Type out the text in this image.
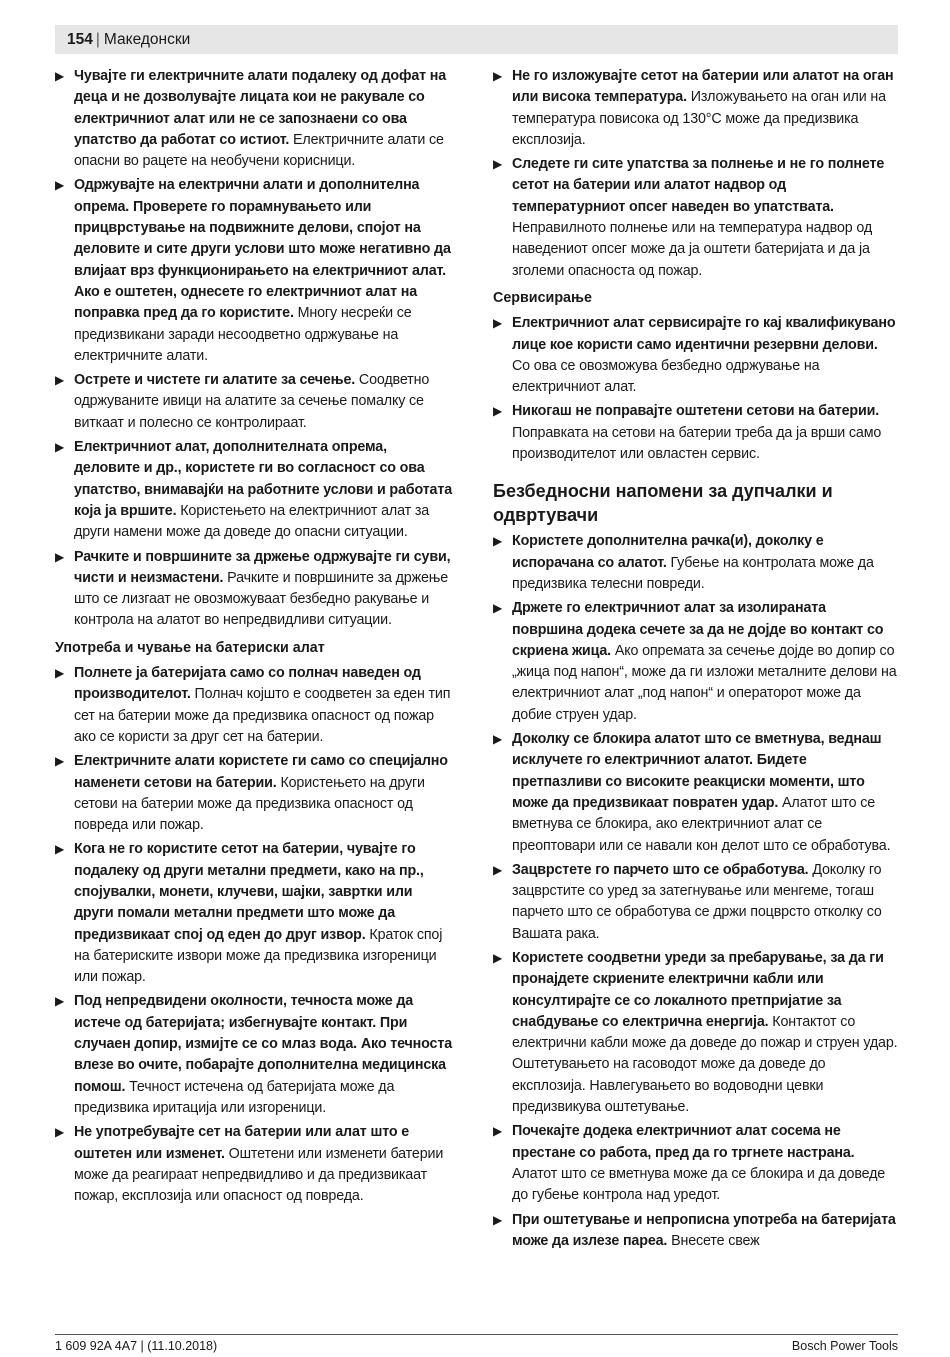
154 | Македонски
▶ Чувајте ги електричните алати подалеку од дофат на деца и не дозволувајте лицата кои не ракувале со електричниот алат или не се запознаени со ова упатство да работат со истиот. Електричните алати се опасни во рацете на необучени корисници.
▶ Одржувајте на електрични алати и дополнителна опрема. Проверете го порамнувањето или прицврстување на подвижните делови, спојот на деловите и сите други услови што може негативно да влијаат врз функционирањето на електричниот алат. Ако е оштетен, однесете го електричниот алат на поправка пред да го користите. Многу несреќи се предизвикани заради несоодветно одржување на електричните алати.
▶ Острете и чистете ги алатите за сечење. Соодветно одржуваните ивици на алатите за сечење помалку се виткаат и полесно се контролираат.
▶ Електричниот алат, дополнителната опрема, деловите и др., користете ги во согласност со ова упатство, внимавајќи на работните услови и работата која ја вршите. Користењето на електричниот алат за други намени може да доведе до опасни ситуации.
▶ Рачките и површините за држење одржувајте ги суви, чисти и неизмастени. Рачките и површините за држење што се лизгаат не овозможуваат безбедно ракување и контрола на алатот во непредвидливи ситуации.
Употреба и чување на батериски алат
▶ Полнете ја батеријата само со полнач наведен од производителот. Полнач којшто е соодветен за еден тип сет на батерии може да предизвика опасност од пожар ако се користи за друг сет на батерии.
▶ Електричните алати користете ги само со специјално наменети сетови на батерии. Користењето на други сетови на батерии може да предизвика опасност од повреда или пожар.
▶ Кога не го користите сетот на батерии, чувајте го подалеку од други метални предмети, како на пр., спојувалки, монети, клучеви, шајки, завртки или други помали метални предмети што може да предизвикаат спој од еден до друг извор. Краток спој на батериските извори може да предизвика изгореници или пожар.
▶ Под непредвидени околности, течноста може да истече од батеријата; избегнувајте контакт. При случаен допир, измијте се со млаз вода. Ако течноста влезе во очите, побарајте дополнителна медицинска помош. Течност истечена од батеријата може да предизвика иритација или изгореници.
▶ Не употребувајте сет на батерии или алат што е оштетен или изменет. Оштетени или изменети батерии може да реагираат непредвидливо и да предизвикаат пожар, експлозија или опасност од повреда.
▶ Не го изложувајте сетот на батерии или алатот на оган или висока температура. Изложувањето на оган или на температура повисока од 130°C може да предизвика експлозија.
▶ Следете ги сите упатства за полнење и не го полнете сетот на батерии или алатот надвор од температурниот опсег наведен во упатствата. Неправилното полнење или на температура надвор од наведениот опсег може да ја оштети батеријата и да ја зголеми опасноста од пожар.
Сервисирање
▶ Електричниот алат сервисирајте го кај квалификувано лице кое користи само идентични резервни делови. Со ова се овозможува безбедно одржување на електричниот алат.
▶ Никогаш не поправајте оштетени сетови на батерии. Поправката на сетови на батерии треба да ја врши само производителот или овластен сервис.
Безбедносни напомени за дупчалки и одвртувачи
▶ Користете дополнителна рачка(и), доколку е испорачана со алатот. Губење на контролата може да предизвика телесни повреди.
▶ Држете го електричниот алат за изолираната површина додека сечете за да не дојде во контакт со скриена жица. Ако опремата за сечење дојде во допир со „жица под напон“, може да ги изложи металните делови на електричниот алат „под напон“ и операторот може да добие струен удар.
▶ Доколку се блокира алатот што се вметнува, веднаш исклучете го електричниот алатот. Бидете претпазливи со високите реакциски моменти, што може да предизвикаат повратен удар. Алатот што се вметнува се блокира, ако електричниот алат се преоптовари или се навали кон делот што се обработува.
▶ Зацврстете го парчето што се обработува. Доколку го зацврстите со уред за затегнување или менгеме, тогаш парчето што се обработува се држи поцврсто отколку со Вашата рака.
▶ Користете соодветни уреди за пребарување, за да ги пронајдете скриените електрични кабли или консултирајте се со локалното претпријатие за снабдување со електрична енергија. Контактот со електрични кабли може да доведе до пожар и струен удар. Оштетувањето на гасоводот може да доведе до експлозија. Навлегувањето во водоводни цевки предизвикува оштетување.
▶ Почекајте додека електричниот алат сосема не престане со работа, пред да го тргнете настрана. Алатот што се вметнува може да се блокира и да доведе до губење контрола над уредот.
▶ При оштетување и непрописна употреба на батеријата може да излезе пареа. Внесете свеж
1 609 92A 4A7 | (11.10.2018)	Bosch Power Tools
